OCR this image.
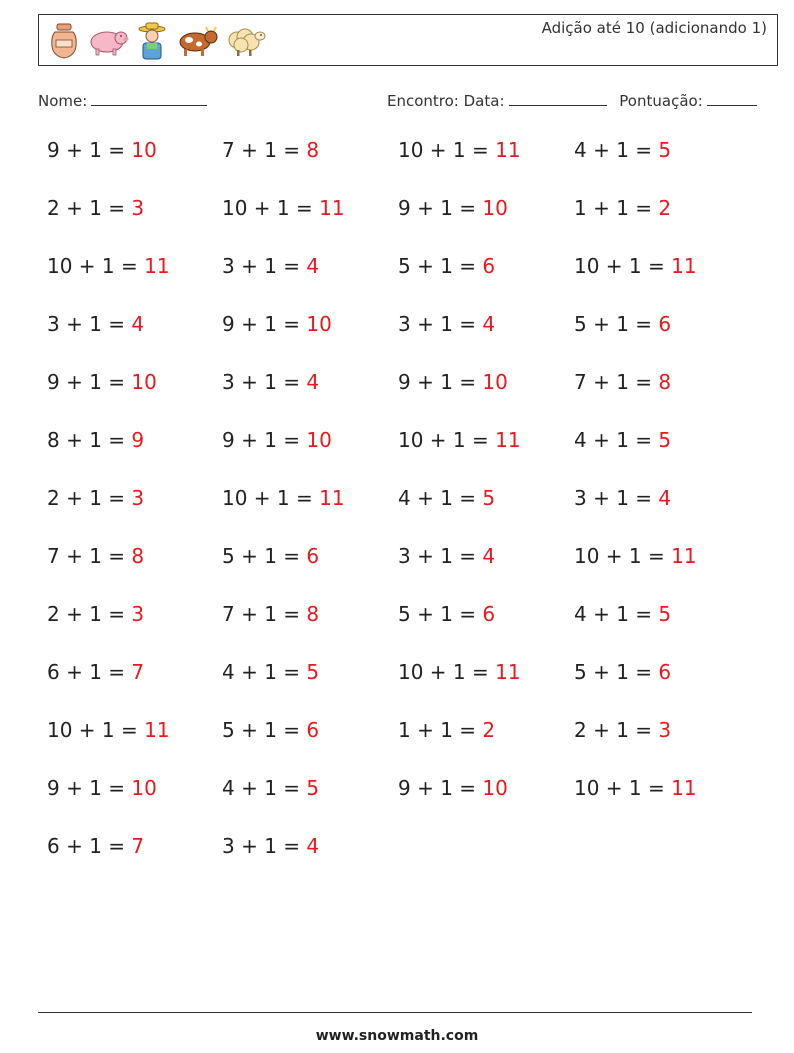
Adição até 10 (adicionando 1)
Nome:	Encontro: Data:	Pontuação:
9 + 1 = 10	7 + 1 = 8	10 + 1 = 11	4 + 1 = 5
2 + 1 = 3	10 + 1 = 11	9 + 1 = 10	1 + 1 = 2
10 + 1 = 11	3 + 1 = 4	5 + 1 = 6	10 + 1 = 11
3 + 1 = 4	9 + 1 = 10	3 + 1 = 4	5 + 1 = 6
9 + 1 = 10	3 + 1 = 4	9 + 1 = 10	7 + 1 = 8
8 + 1 = 9	9 + 1 = 10	10 + 1 = 11	4 + 1 = 5
2 + 1 = 3	10 + 1 = 11	4 + 1 = 5	3 + 1 = 4
7 + 1 = 8	5 + 1 = 6	3 + 1 = 4	10 + 1 = 11
2 + 1 = 3	7 + 1 = 8	5 + 1 = 6	4 + 1 = 5
6 + 1 = 7	4 + 1 = 5	10 + 1 = 11	5 + 1 = 6
10 + 1 = 11	5 + 1 = 6	1 + 1 = 2	2 + 1 = 3
9 + 1 = 10	4 + 1 = 5	9 + 1 = 10	10 + 1 = 11
6 + 1 = 7	3 + 1 = 4
www.snowmath.com
